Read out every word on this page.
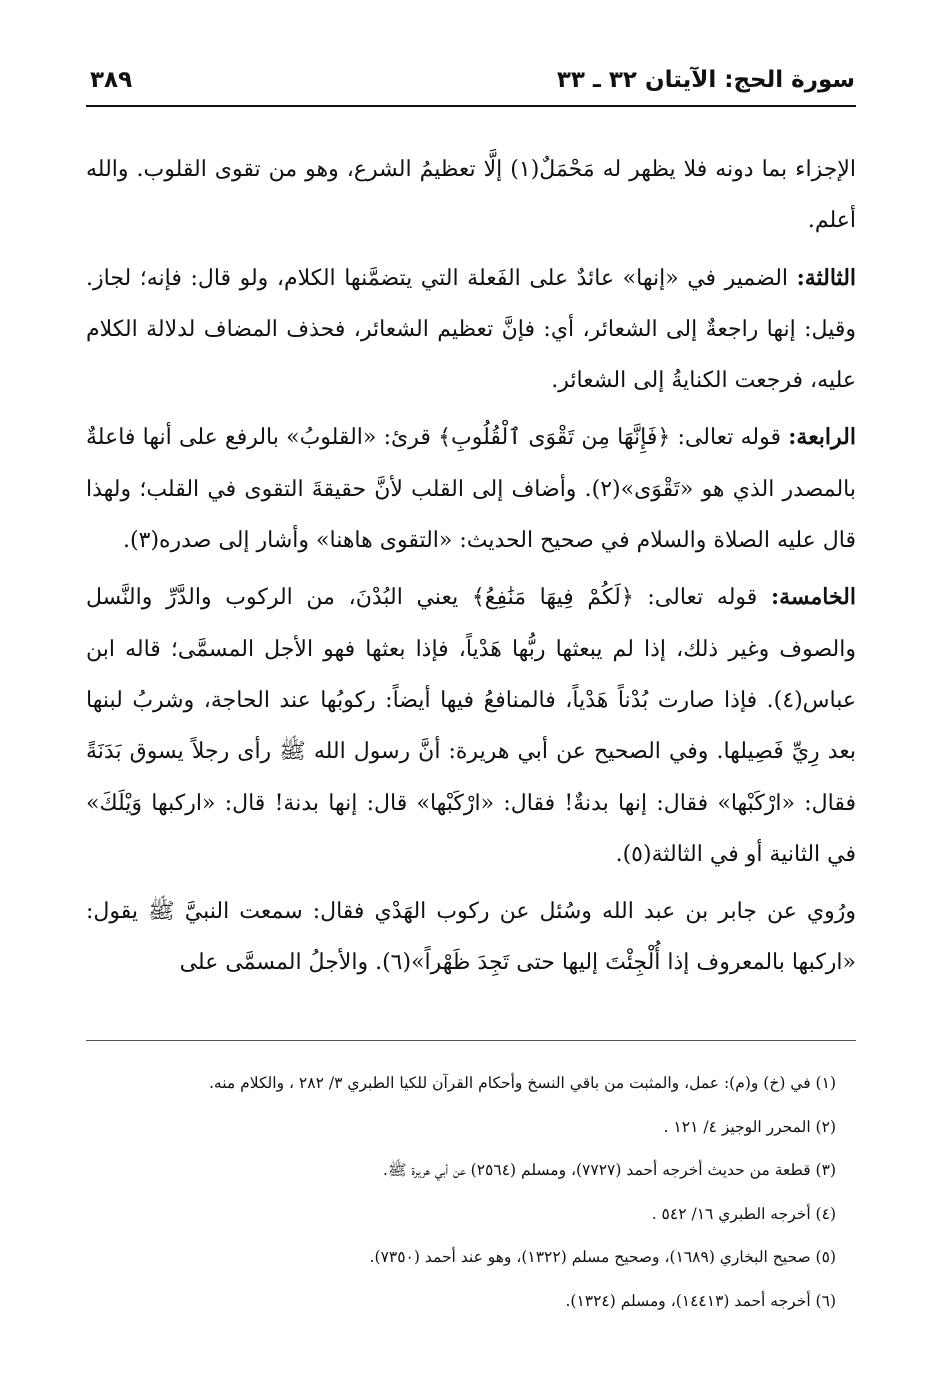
سورة الحج: الآيتان ٣٢ ـ ٣٣
٣٨٩

الإجزاء بما دونه فلا يظهر له مَحْمَلٌ(١) إلَّا تعظيمُ الشرع، وهو من تقوى القلوب. والله أعلم.

الثالثة: الضمير في «إنها» عائدٌ على الفَعلة التي يتضمَّنها الكلام، ولو قال: فإنه؛ لجاز. وقيل: إنها راجعةٌ إلى الشعائر، أي: فإنَّ تعظيم الشعائر، فحذف المضاف لدلالة الكلام عليه، فرجعت الكنايةُ إلى الشعائر.

الرابعة: قوله تعالى: ﴿فَإِنَّهَا مِن تَقْوَى ٱلْقُلُوبِ﴾ قرئ: «القلوبُ» بالرفع على أنها فاعلةٌ بالمصدر الذي هو «تَقْوَى»(٢). وأضاف إلى القلب لأنَّ حقيقةَ التقوى في القلب؛ ولهذا قال عليه الصلاة والسلام في صحيح الحديث: «التقوى هاهنا» وأشار إلى صدره(٣).

الخامسة: قوله تعالى: ﴿لَكُمْ فِيهَا مَنَٰفِعُ﴾ يعني البُدْنَ، من الركوب والدَّرِّ والنَّسل والصوف وغير ذلك، إذا لم يبعثها ربُّها هَدْياً، فإذا بعثها فهو الأجل المسمَّى؛ قاله ابن عباس(٤). فإذا صارت بُدْناً هَدْياً، فالمنافعُ فيها أيضاً: ركوبُها عند الحاجة، وشربُ لبنها بعد رِيِّ فَصِيلها. وفي الصحيح عن أبي هريرة: أنَّ رسول الله ﷺ رأى رجلاً يسوق بَدَنَةً فقال: «ارْكَبْها» فقال: إنها بدنةٌ! فقال: «ارْكَبْها» قال: إنها بدنة! قال: «اركبها وَيْلَكَ» في الثانية أو في الثالثة(٥).

ورُوي عن جابر بن عبد الله وسُئل عن ركوب الهَدْي فقال: سمعت النبيَّ ﷺ يقول: «اركبها بالمعروف إذا أُلْجِئْتَ إليها حتى تَجِدَ ظَهْراً»(٦). والأجلُ المسمَّى على

(١) في (خ) و(م): عمل، والمثبت من باقي النسخ وأحكام القرآن للكيا الطبري ٣/ ٢٨٢ ، والكلام منه.

(٢) المحرر الوجيز ٤/ ١٢١ .

(٣) قطعة من حديث أخرجه أحمد (٧٧٢٧)، ومسلم (٢٥٦٤) عن أبي هريرة ﷺ.

(٤) أخرجه الطبري ١٦/ ٥٤٢ .

(٥) صحيح البخاري (١٦٨٩)، وصحيح مسلم (١٣٢٢)، وهو عند أحمد (٧٣٥٠).

(٦) أخرجه أحمد (١٤٤١٣)، ومسلم (١٣٢٤).
